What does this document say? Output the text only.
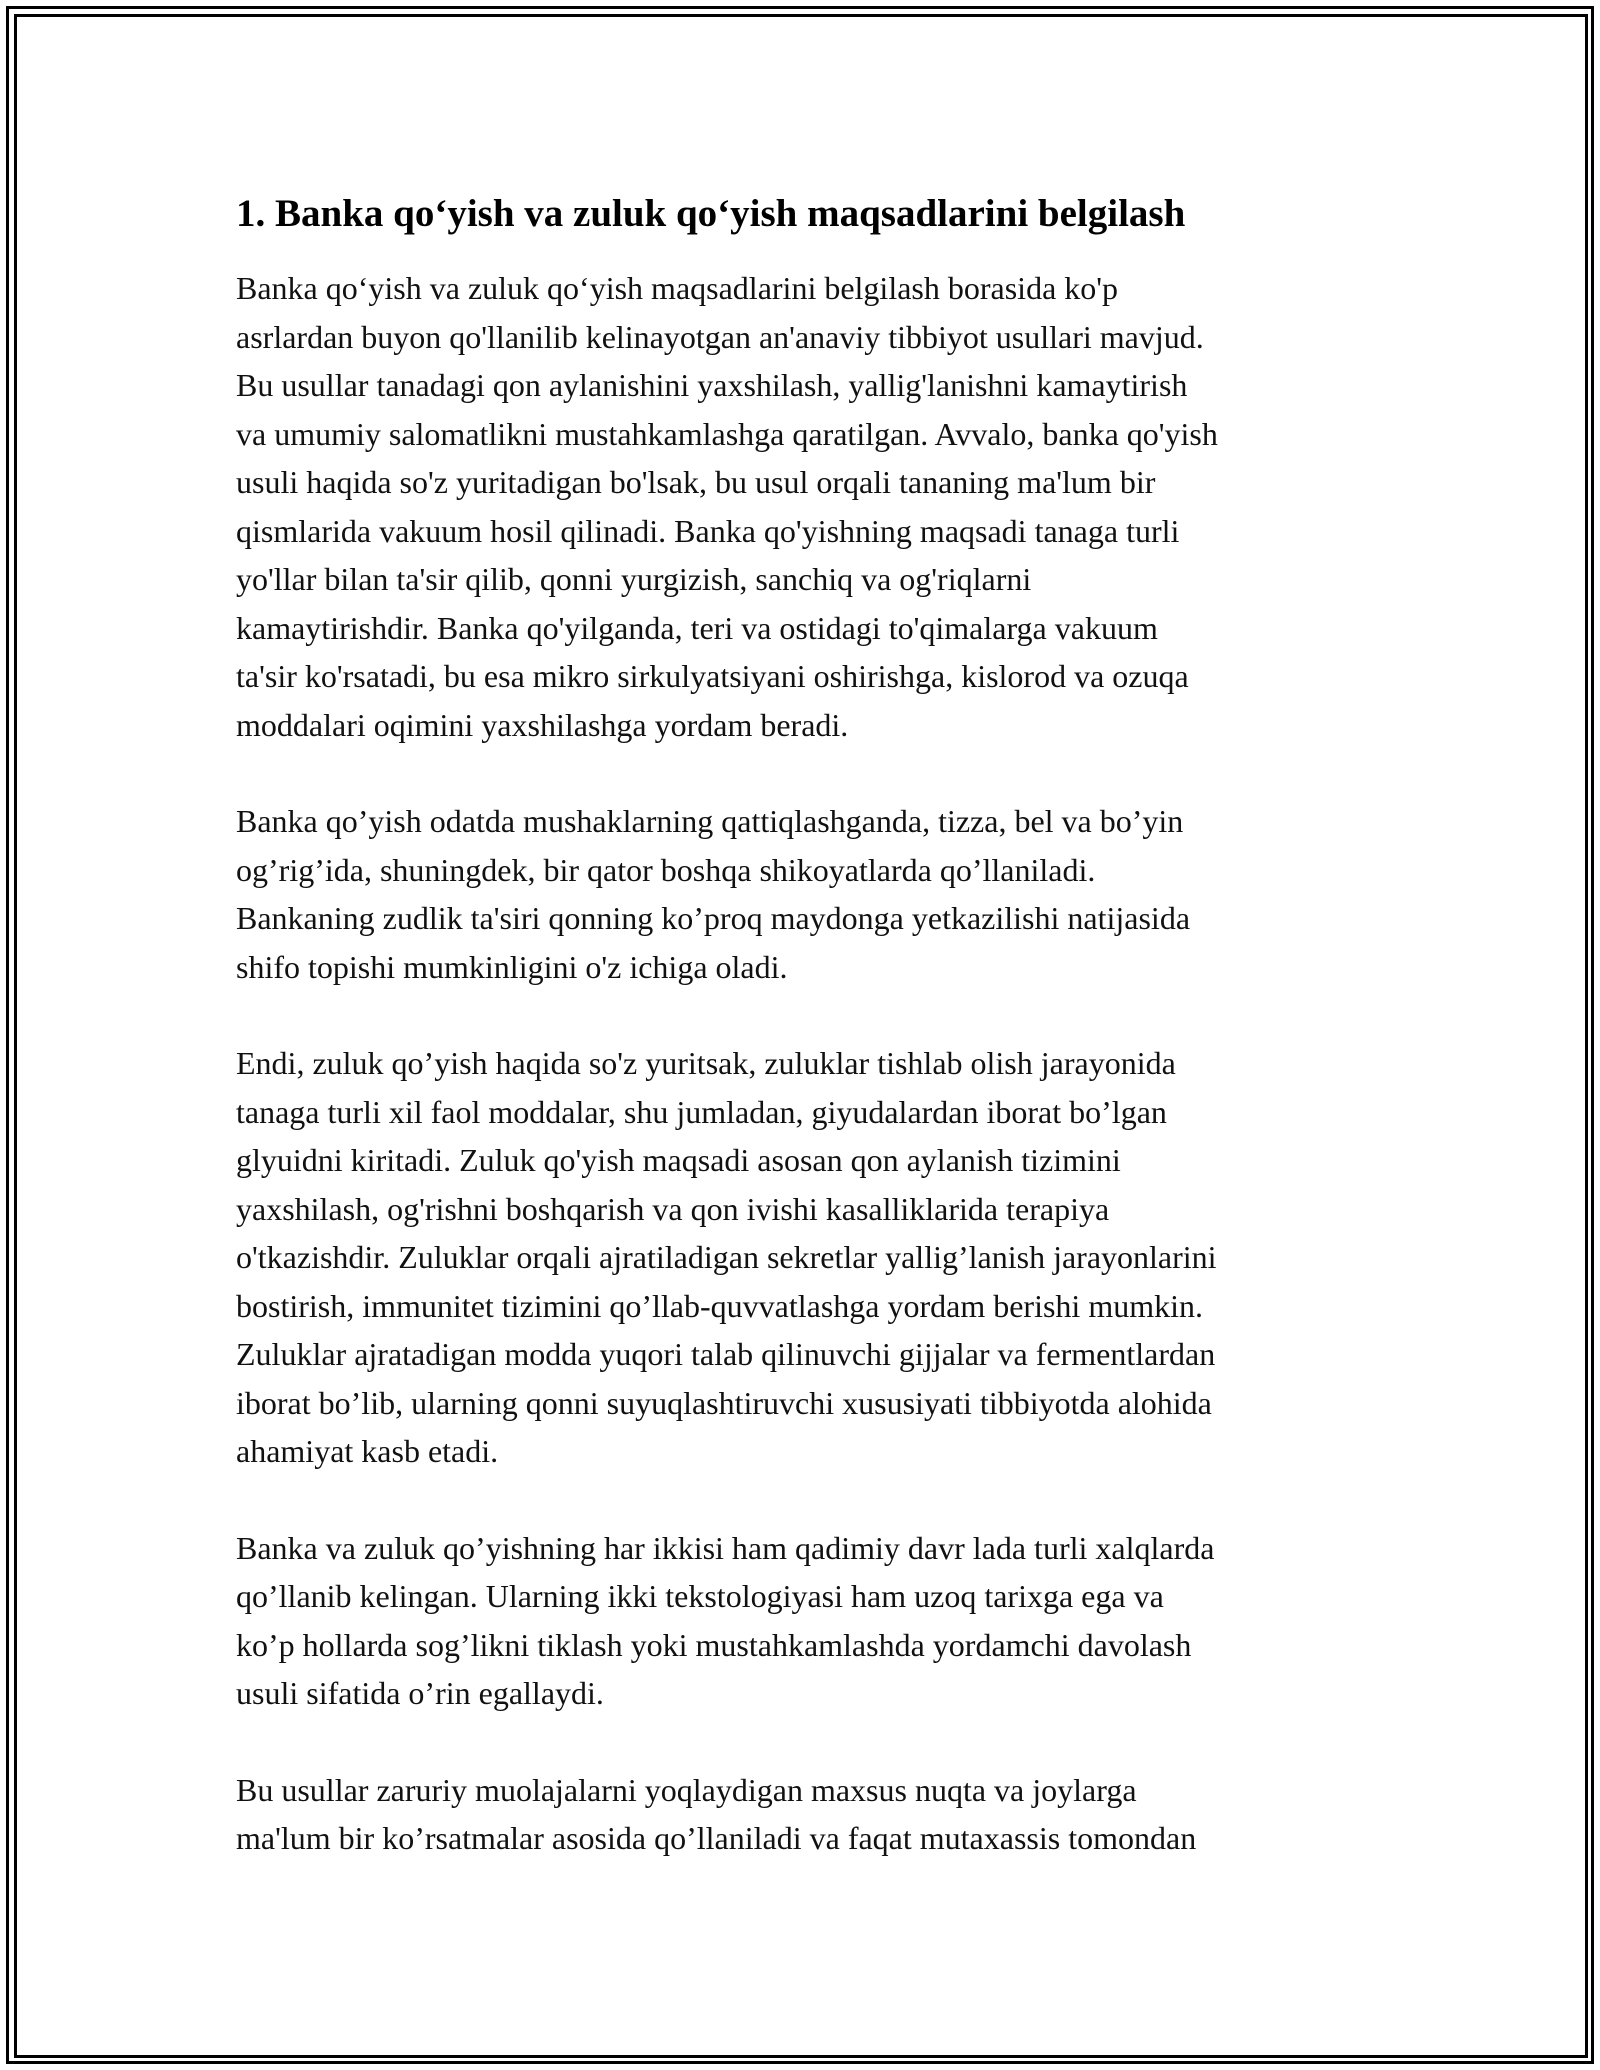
1. Banka qo‘yish va zuluk qo‘yish maqsadlarini belgilash

Banka qo‘yish va zuluk qo‘yish maqsadlarini belgilash borasida ko'p
asrlardan buyon qo'llanilib kelinayotgan an'anaviy tibbiyot usullari mavjud.
Bu usullar tanadagi qon aylanishini yaxshilash, yallig'lanishni kamaytirish
va umumiy salomatlikni mustahkamlashga qaratilgan. Avvalo, banka qo'yish
usuli haqida so'z yuritadigan bo'lsak, bu usul orqali tananing ma'lum bir
qismlarida vakuum hosil qilinadi. Banka qo'yishning maqsadi tanaga turli
yo'llar bilan ta'sir qilib, qonni yurgizish, sanchiq va og'riqlarni
kamaytirishdir. Banka qo'yilganda, teri va ostidagi to'qimalarga vakuum
ta'sir ko'rsatadi, bu esa mikro sirkulyatsiyani oshirishga, kislorod va ozuqa
moddalari oqimini yaxshilashga yordam beradi.

Banka qo’yish odatda mushaklarning qattiqlashganda, tizza, bel va bo’yin
og’rig’ida, shuningdek, bir qator boshqa shikoyatlarda qo’llaniladi.
Bankaning zudlik ta'siri qonning ko’proq maydonga yetkazilishi natijasida
shifo topishi mumkinligini o'z ichiga oladi.

Endi, zuluk qo’yish haqida so'z yuritsak, zuluklar tishlab olish jarayonida
tanaga turli xil faol moddalar, shu jumladan, giyudalardan iborat bo’lgan
glyuidni kiritadi. Zuluk qo'yish maqsadi asosan qon aylanish tizimini
yaxshilash, og'rishni boshqarish va qon ivishi kasalliklarida terapiya
o'tkazishdir. Zuluklar orqali ajratiladigan sekretlar yallig’lanish jarayonlarini
bostirish, immunitet tizimini qo’llab-quvvatlashga yordam berishi mumkin.
Zuluklar ajratadigan modda yuqori talab qilinuvchi gijjalar va fermentlardan
iborat bo’lib, ularning qonni suyuqlashtiruvchi xususiyati tibbiyotda alohida
ahamiyat kasb etadi.

Banka va zuluk qo’yishning har ikkisi ham qadimiy davr lada turli xalqlarda
qo’llanib kelingan. Ularning ikki tekstologiyasi ham uzoq tarixga ega va
ko’p hollarda sog’likni tiklash yoki mustahkamlashda yordamchi davolash
usuli sifatida o’rin egallaydi.

Bu usullar zaruriy muolajalarni yoqlaydigan maxsus nuqta va joylarga
ma'lum bir ko’rsatmalar asosida qo’llaniladi va faqat mutaxassis tomondan
